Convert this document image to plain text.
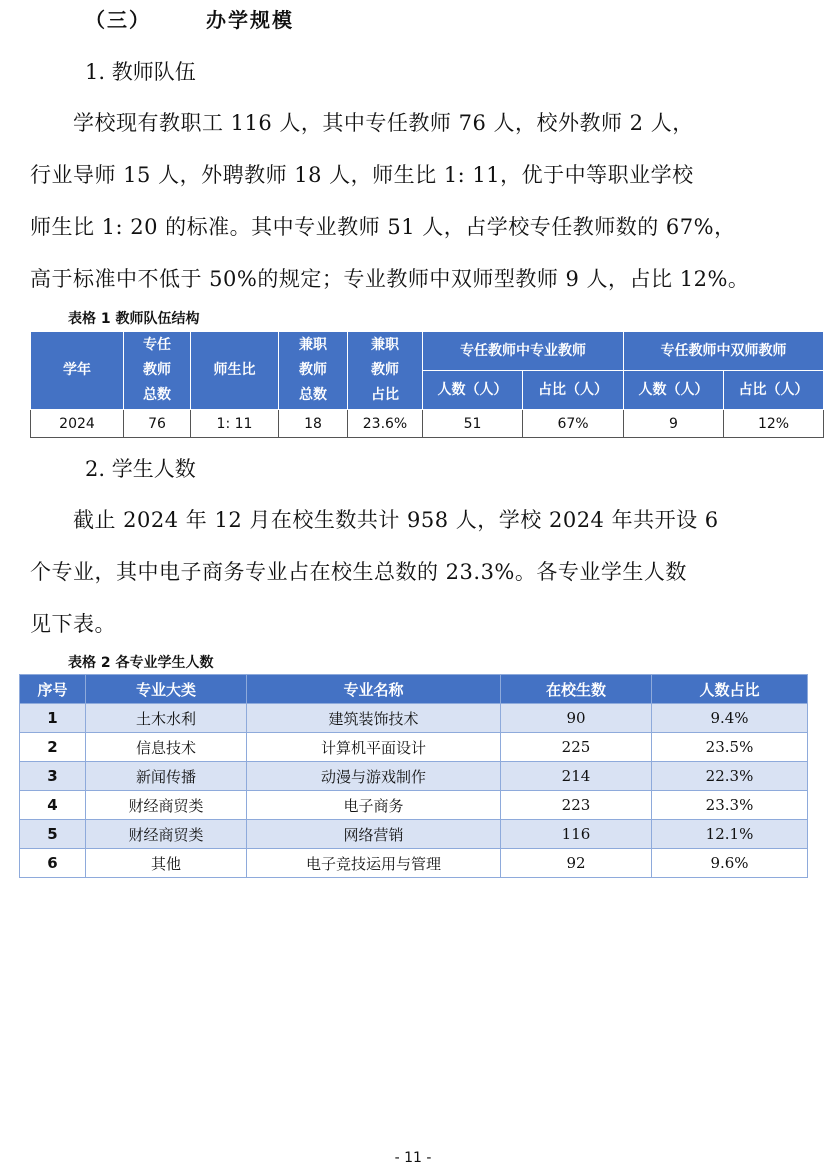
（三）	办学规模
1. 教师队伍
　　学校现有教职工 116 人，其中专任教师 76 人，校外教师 2 人，
行业导师 15 人，外聘教师 18 人，师生比 1: 11，优于中等职业学校
师生比 1: 20 的标准。其中专业教师 51 人，占学校专任教师数的 67%，
高于标准中不低于 50%的规定；专业教师中双师型教师 9 人，占比 12%。
表格 1 教师队伍结构
学年	专任
教师
总数	师生比	兼职
教师
总数	兼职
教师
占比	专任教师中专业教师		专任教师中双师教师	
					人数（人）	占比（人）	人数（人）	占比（人）
2024	76	1: 11	18	23.6%	51	67%	9	12%
2. 学生人数
　　截止 2024 年 12 月在校生数共计 958 人，学校 2024 年共开设 6
个专业，其中电子商务专业占在校生总数的 23.3%。各专业学生人数
见下表。
表格 2 各专业学生人数
序号	专业大类	专业名称	在校生数	人数占比
1	土木水利	建筑装饰技术	90	9.4%
2	信息技术	计算机平面设计	225	23.5%
3	新闻传播	动漫与游戏制作	214	22.3%
4	财经商贸类	电子商务	223	23.3%
5	财经商贸类	网络营销	116	12.1%
6	其他	电子竞技运用与管理	92	9.6%
- 11 -
